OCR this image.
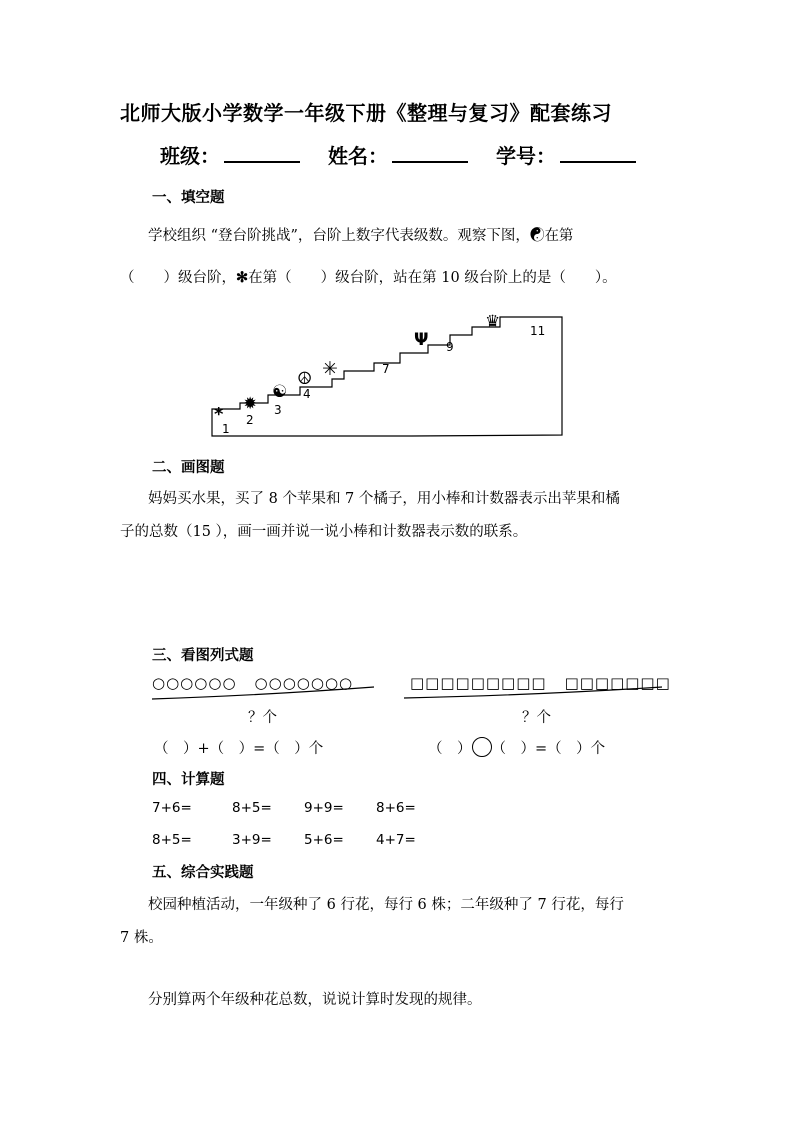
北师大版小学数学一年级下册《整理与复习》配套练习
班级：	姓名：	学号：
一、填空题
学校组织 “登台阶挑战”，台阶上数字代表级数。观察下图，☯在第
（　　）级台阶，✻在第（　　）级台阶，站在第 10 级台阶上的是（　　）。
1
2
3
4
7
9
11
* ✹
☯
☮ ✳
Ψ
♛
二、画图题
妈妈买水果，买了 8 个苹果和 7 个橘子，用小棒和计数器表示出苹果和橘
子的总数（15 ），画一画并说一说小棒和计数器表示数的联系。
三、看图列式题
○○○○○○ ○○○○○○○	□□□□□□□□□ □□□□□□□
？个	？个
（　）+（　）=（　）个	（　） （　）=（　）个
四、计算题
7+6=	8+5= 9+9= 8+6=
8+5=	3+9= 5+6= 4+7=
五、综合实践题
校园种植活动，一年级种了 6 行花，每行 6 株；二年级种了 7 行花，每行
7 株。
分别算两个年级种花总数，说说计算时发现的规律。
